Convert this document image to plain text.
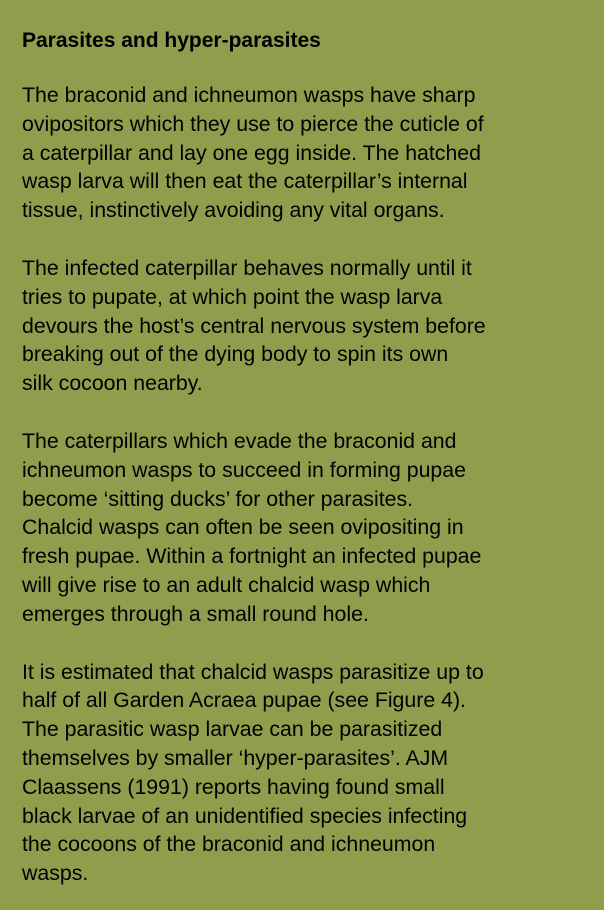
Parasites and hyper-parasites

The braconid and ichneumon wasps have sharp
ovipositors which they use to pierce the cuticle of
a caterpillar and lay one egg inside. The hatched
wasp larva will then eat the caterpillar’s internal
tissue, instinctively avoiding any vital organs.

The infected caterpillar behaves normally until it
tries to pupate, at which point the wasp larva
devours the host’s central nervous system before
breaking out of the dying body to spin its own
silk cocoon nearby.

The caterpillars which evade the braconid and
ichneumon wasps to succeed in forming pupae
become ‘sitting ducks’ for other parasites.
Chalcid wasps can often be seen ovipositing in
fresh pupae. Within a fortnight an infected pupae
will give rise to an adult chalcid wasp which
emerges through a small round hole.

It is estimated that chalcid wasps parasitize up to
half of all Garden Acraea pupae (see Figure 4).
The parasitic wasp larvae can be parasitized
themselves by smaller ‘hyper-parasites’. AJM
Claassens (1991) reports having found small
black larvae of an unidentified species infecting
the cocoons of the braconid and ichneumon
wasps.
